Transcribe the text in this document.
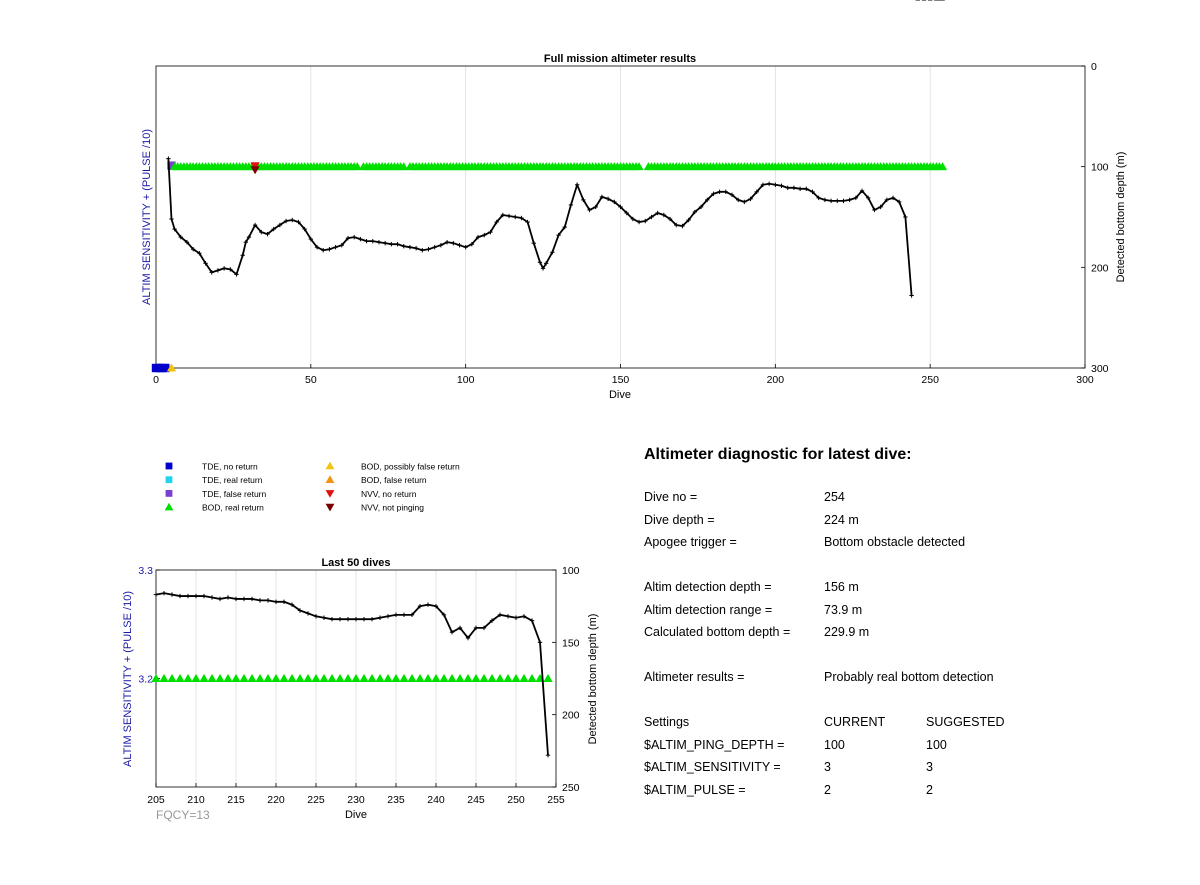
Full mission altimeter results
0	50	100	150	200	250	300
0
100
200
300
Dive
ALTIM SENSITIVITY + (PULSE /10)	Detected bottom depth (m)
TDE, no return
TDE, real return
TDE, false return
BOD, real return
BOD, possibly false return
BOD, false return
NVV, no return
NVV, not pinging
Last 50 dives
205 210 215 220 225 230 235 240 245 250 255
3.2
3.3	100
150
200
250
Dive
ALTIM SENSITIVITY + (PULSE /10)	Detected bottom depth (m)
FQCY=13
Altimeter diagnostic for latest dive:
Dive no =	254
Dive depth =	224 m
Apogee trigger =	Bottom obstacle detected
Altim detection depth =	156 m
Altim detection range =	73.9 m
Calculated bottom depth =	229.9 m
Altimeter results =	Probably real bottom detection
Settings	CURRENT	SUGGESTED
$ALTIM_PING_DEPTH =	100	100
$ALTIM_SENSITIVITY =	3	3
$ALTIM_PULSE =	2	2
